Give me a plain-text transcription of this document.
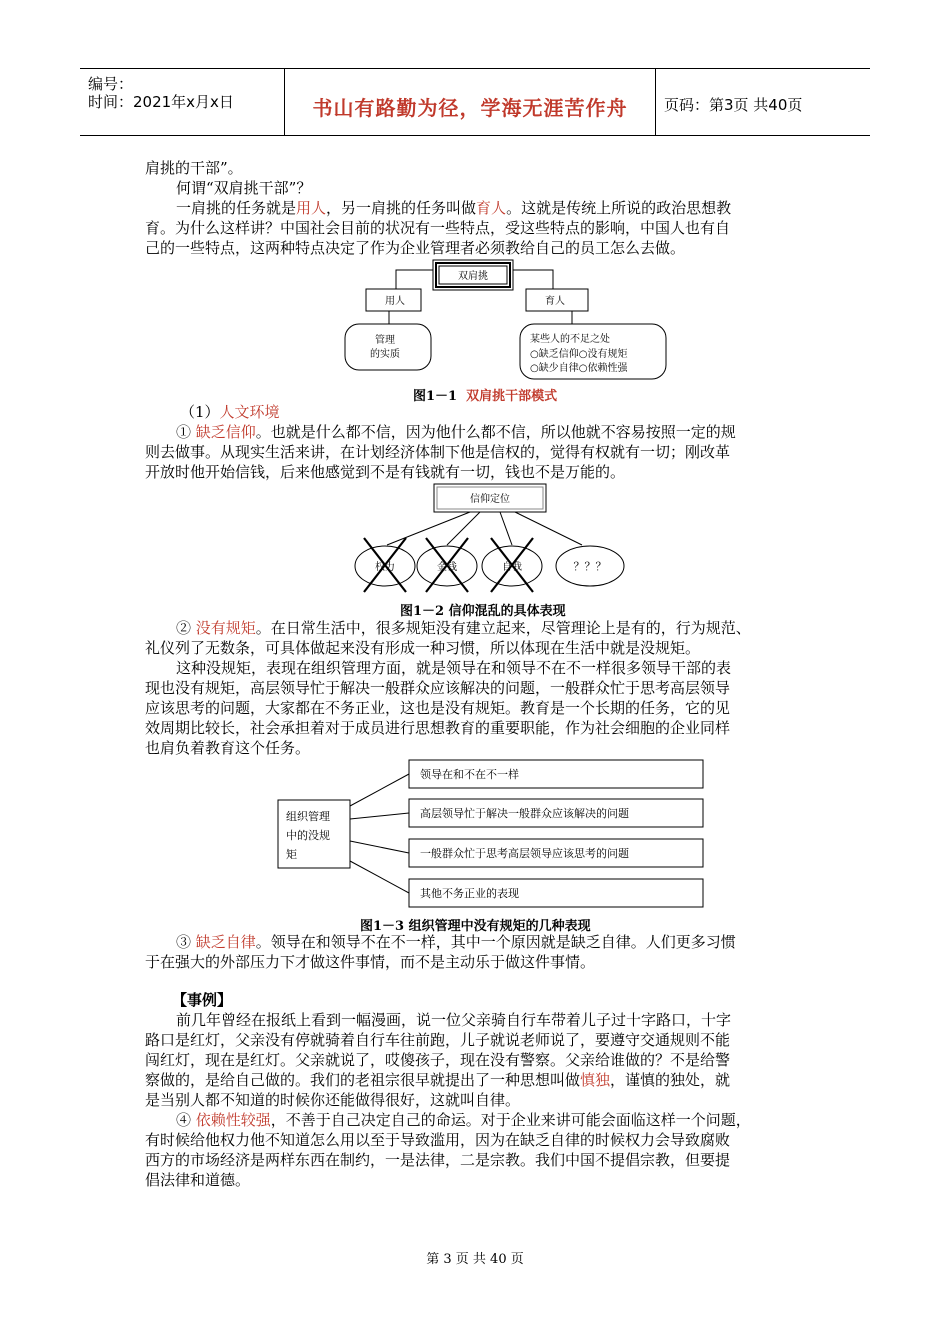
编号：
时间：2021年x月x日	书山有路勤为径，学海无涯苦作舟	页码：第3页 共40页
肩挑的干部”。
何谓“双肩挑干部”？
一肩挑的任务就是用人，另一肩挑的任务叫做育人。这就是传统上所说的政治思想教
育。为什么这样讲？中国社会目前的状况有一些特点，受这些特点的影响，中国人也有自
己的一些特点，这两种特点决定了作为企业管理者必须教给自己的员工怎么去做。
双肩挑
用人	育人
管理
的实质
某些人的不足之处
○缺乏信仰○没有规矩
○缺少自律○依赖性强
图1－1 双肩挑干部模式
（1）人文环境
① 缺乏信仰。也就是什么都不信，因为他什么都不信，所以他就不容易按照一定的规
则去做事。从现实生活来讲，在计划经济体制下他是信权的，觉得有权就有一切；刚改革
开放时他开始信钱，后来他感觉到不是有钱就有一切，钱也不是万能的。
信仰定位
权力	金钱	自我	？？？
图1－2 信仰混乱的具体表现
② 没有规矩。在日常生活中，很多规矩没有建立起来，尽管理论上是有的，行为规范、
礼仪列了无数条，可具体做起来没有形成一种习惯，所以体现在生活中就是没规矩。
这种没规矩，表现在组织管理方面，就是领导在和领导不在不一样很多领导干部的表
现也没有规矩，高层领导忙于解决一般群众应该解决的问题，一般群众忙于思考高层领导
应该思考的问题，大家都在不务正业，这也是没有规矩。教育是一个长期的任务，它的见
效周期比较长，社会承担着对于成员进行思想教育的重要职能，作为社会细胞的企业同样
也肩负着教育这个任务。
组织管理
中的没规
矩
领导在和不在不一样
高层领导忙于解决一般群众应该解决的问题
一般群众忙于思考高层领导应该思考的问题
其他不务正业的表现
图1－3 组织管理中没有规矩的几种表现
③ 缺乏自律。领导在和领导不在不一样，其中一个原因就是缺乏自律。人们更多习惯
于在强大的外部压力下才做这件事情，而不是主动乐于做这件事情。
【事例】
前几年曾经在报纸上看到一幅漫画，说一位父亲骑自行车带着儿子过十字路口，十字
路口是红灯，父亲没有停就骑着自行车往前跑，儿子就说老师说了，要遵守交通规则不能
闯红灯，现在是红灯。父亲就说了，哎傻孩子，现在没有警察。父亲给谁做的？不是给警
察做的，是给自己做的。我们的老祖宗很早就提出了一种思想叫做慎独，谨慎的独处，就
是当别人都不知道的时候你还能做得很好，这就叫自律。
④ 依赖性较强，不善于自己决定自己的命运。对于企业来讲可能会面临这样一个问题，
有时候给他权力他不知道怎么用以至于导致滥用，因为在缺乏自律的时候权力会导致腐败
西方的市场经济是两样东西在制约，一是法律，二是宗教。我们中国不提倡宗教，但要提
倡法律和道德。
第 3 页 共 40 页
